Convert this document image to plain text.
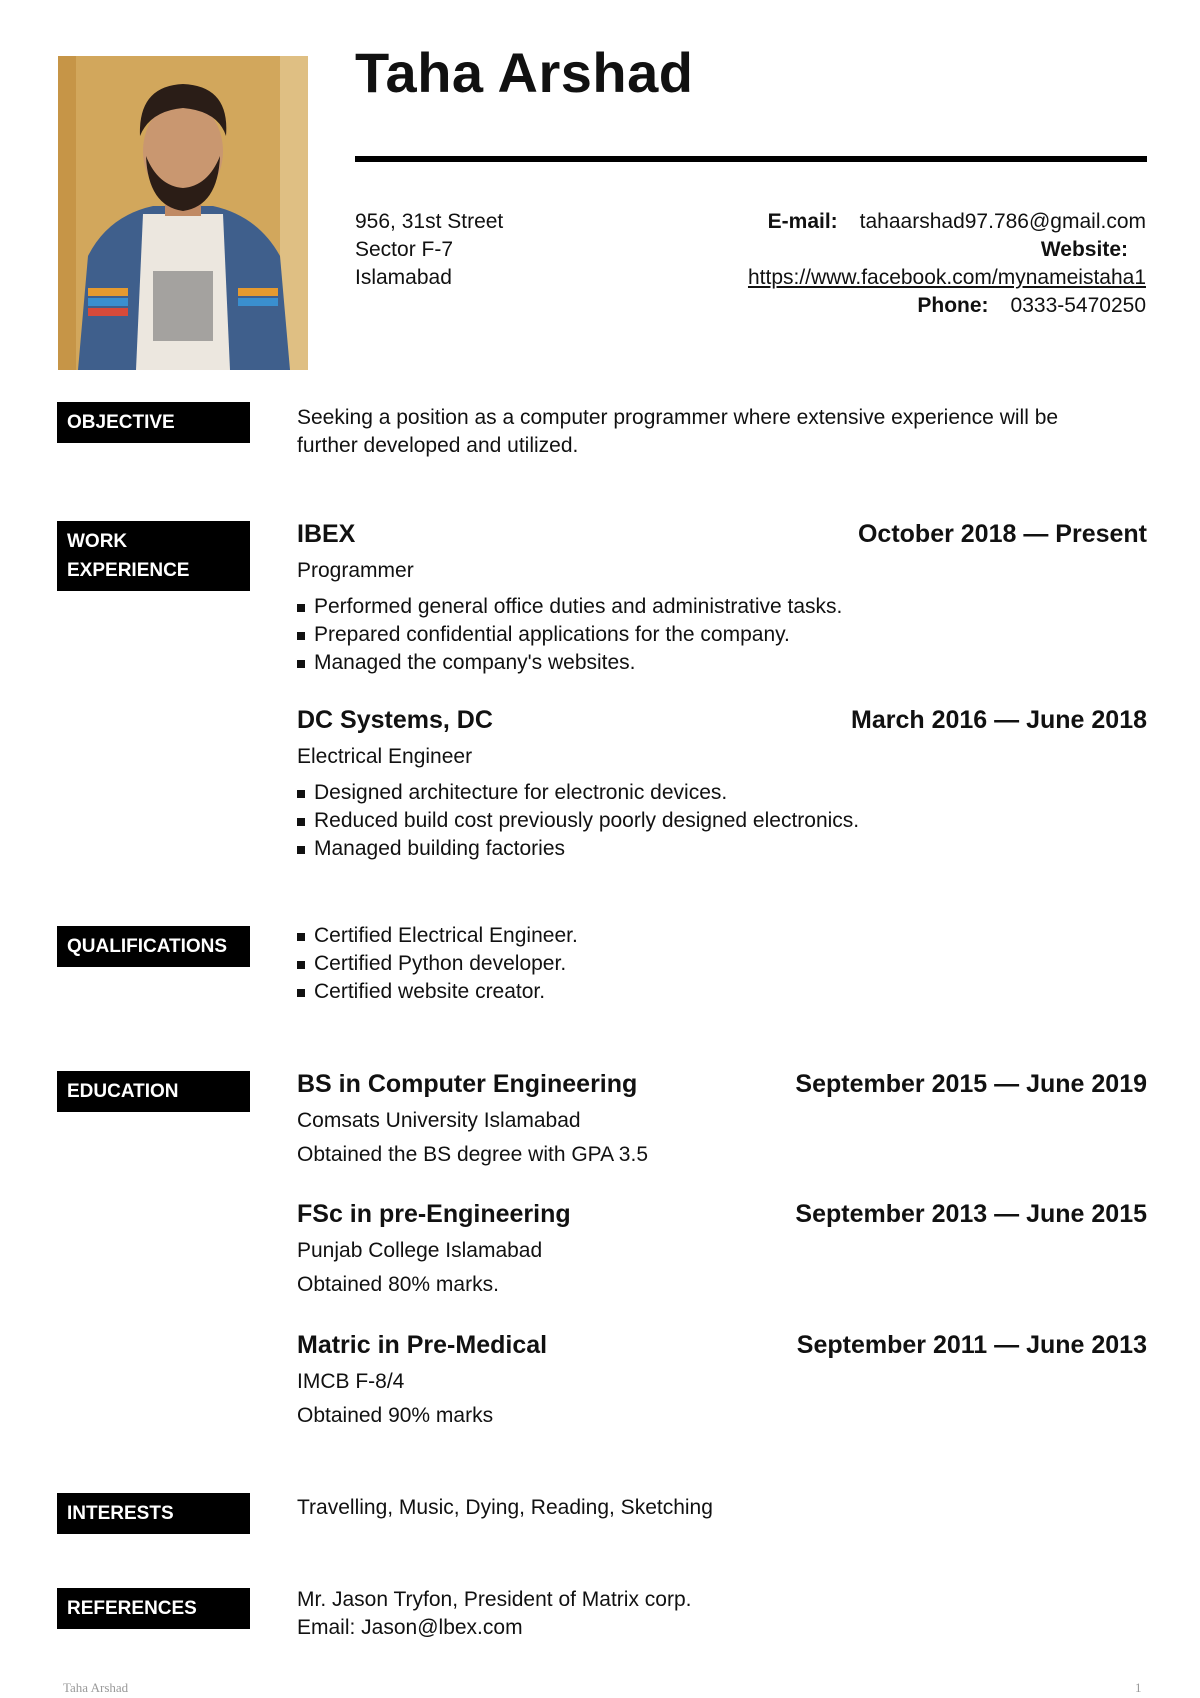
Taha Arshad
956, 31st Street
Sector F-7
Islamabad
E-mail: tahaarshad97.786@gmail.com
Website:
https://www.facebook.com/mynameistaha1
Phone: 0333-5470250
OBJECTIVE	Seeking a position as a computer programmer where extensive experience will be further developed and utilized.
WORK
EXPERIENCE
IBEX	October 2018 — Present
Programmer
Performed general office duties and administrative tasks.
Prepared confidential applications for the company.
Managed the company's websites.
DC Systems, DC	March 2016 — June 2018
Electrical Engineer
Designed architecture for electronic devices.
Reduced build cost previously poorly designed electronics.
Managed building factories
QUALIFICATIONS	Certified Electrical Engineer.
Certified Python developer.
Certified website creator.
EDUCATION	BS in Computer Engineering	September 2015 — June 2019
Comsats University Islamabad
Obtained the BS degree with GPA 3.5
FSc in pre-Engineering	September 2013 — June 2015
Punjab College Islamabad
Obtained 80% marks.
Matric in Pre-Medical	September 2011 — June 2013
IMCB F-8/4
Obtained 90% marks
INTERESTS	Travelling, Music, Dying, Reading, Sketching
REFERENCES	Mr. Jason Tryfon, President of Matrix corp.
Email: Jason@lbex.com
Taha Arshad	1
